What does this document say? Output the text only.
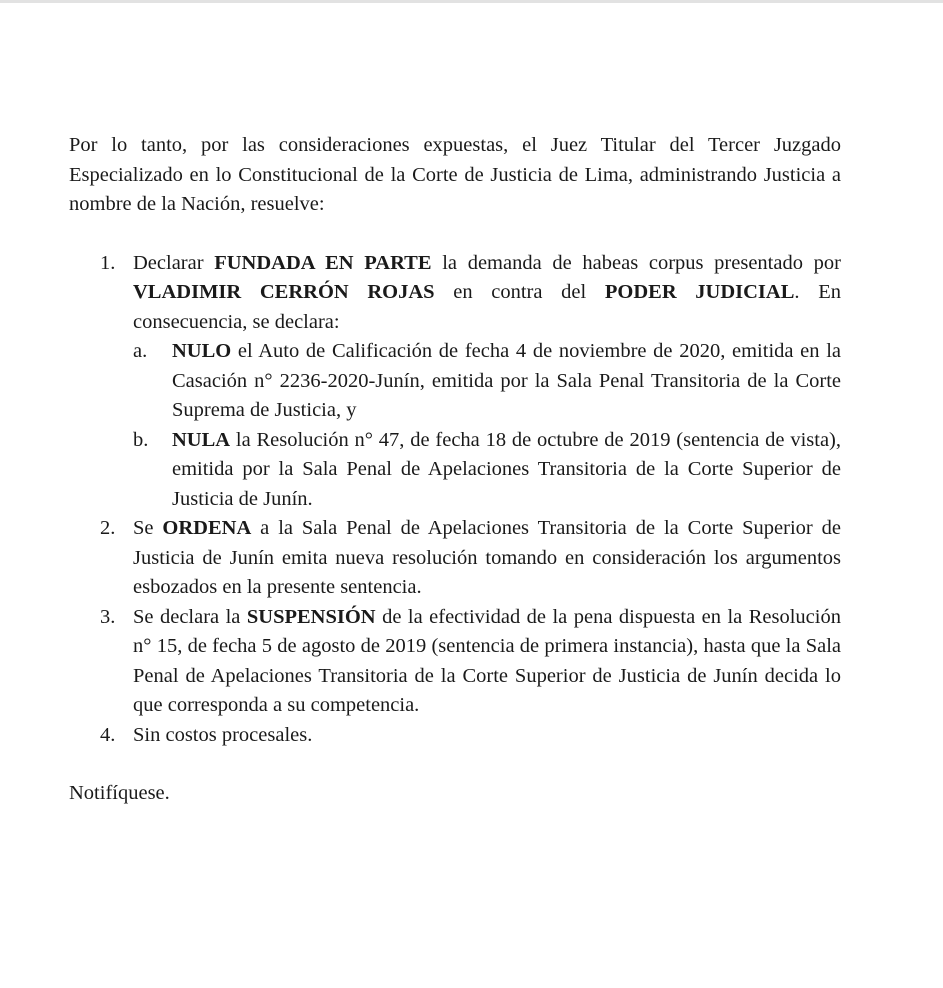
Por lo tanto, por las consideraciones expuestas, el Juez Titular del Tercer Juzgado Especializado en lo Constitucional de la Corte de Justicia de Lima, administrando Justicia a nombre de la Nación, resuelve:

1. Declarar FUNDADA EN PARTE la demanda de habeas corpus presentado por VLADIMIR CERRÓN ROJAS en contra del PODER JUDICIAL. En consecuencia, se declara:
a. NULO el Auto de Calificación de fecha 4 de noviembre de 2020, emitida en la Casación n° 2236-2020-Junín, emitida por la Sala Penal Transitoria de la Corte Suprema de Justicia, y
b. NULA la Resolución n° 47, de fecha 18 de octubre de 2019 (sentencia de vista), emitida por la Sala Penal de Apelaciones Transitoria de la Corte Superior de Justicia de Junín.
2. Se ORDENA a la Sala Penal de Apelaciones Transitoria de la Corte Superior de Justicia de Junín emita nueva resolución tomando en consideración los argumentos esbozados en la presente sentencia.
3. Se declara la SUSPENSIÓN de la efectividad de la pena dispuesta en la Resolución n° 15, de fecha 5 de agosto de 2019 (sentencia de primera instancia), hasta que la Sala Penal de Apelaciones Transitoria de la Corte Superior de Justicia de Junín decida lo que corresponda a su competencia.
4. Sin costos procesales.

Notifíquese.
